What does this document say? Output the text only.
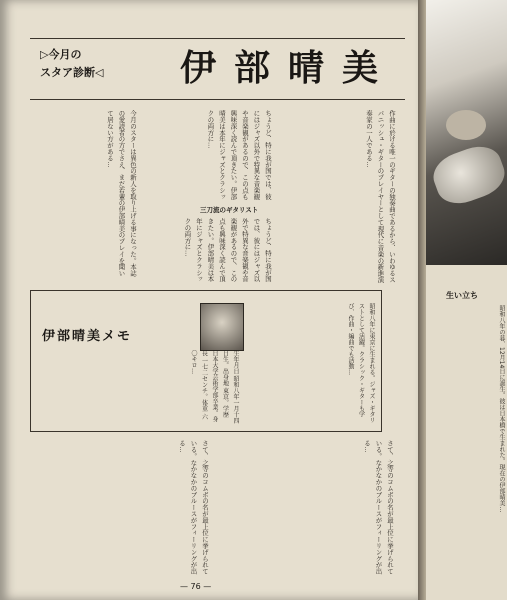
▷今月の
スタア診断◁ 伊部晴美
今月のスターは異色の新人を取り上げる事になった。本誌の愛読者の方でさえ、まだ若輩の伊部晴美のプレイを聞いて居ない方がある…	ちょうど、特に我が国では、彼にはジャズ以外で特異な音楽観や音楽観があるので、この点も興味深く読んで頂きたい。伊部晴美は本年にジャズとクラシックの両方に…
三刀流のギタリスト
ちょうど、特に我が国では、彼にはジャズ以外で特異な音楽観や音楽観があるので、この点も興味深く読んで頂きたい。伊部晴美は本年にジャズとクラシックの両方に…	作曲に於ける唯一のギターの独奏曲であるから、いわゆるスパニッシュ・ギターのプレイヤーとして現代に音楽の新進演奏家の一人である…
伊部晴美メモ
生年月日 昭和八年一月十四日生。出身地 東京。学歴 日本大学芸術学部卒業。身長 一七二センチ。体重 六〇キロ…	昭和八年に東京に生まれる。ジャズ・ギタリストとして活躍。クラシック・ギターも学び、作曲・編曲でも活動…
さて、之等のコムボの名が最上位に挙げられている。なかなかのブルースがフィーリングが出る…	さて、之等のコムボの名が最上位に挙げられている。なかなかのブルースがフィーリングが出る…
— 76 —
生い立ち
昭和八年の暮、12月14日に誕生。彼は日本橋で生まれた。現在の伊部晴美…
